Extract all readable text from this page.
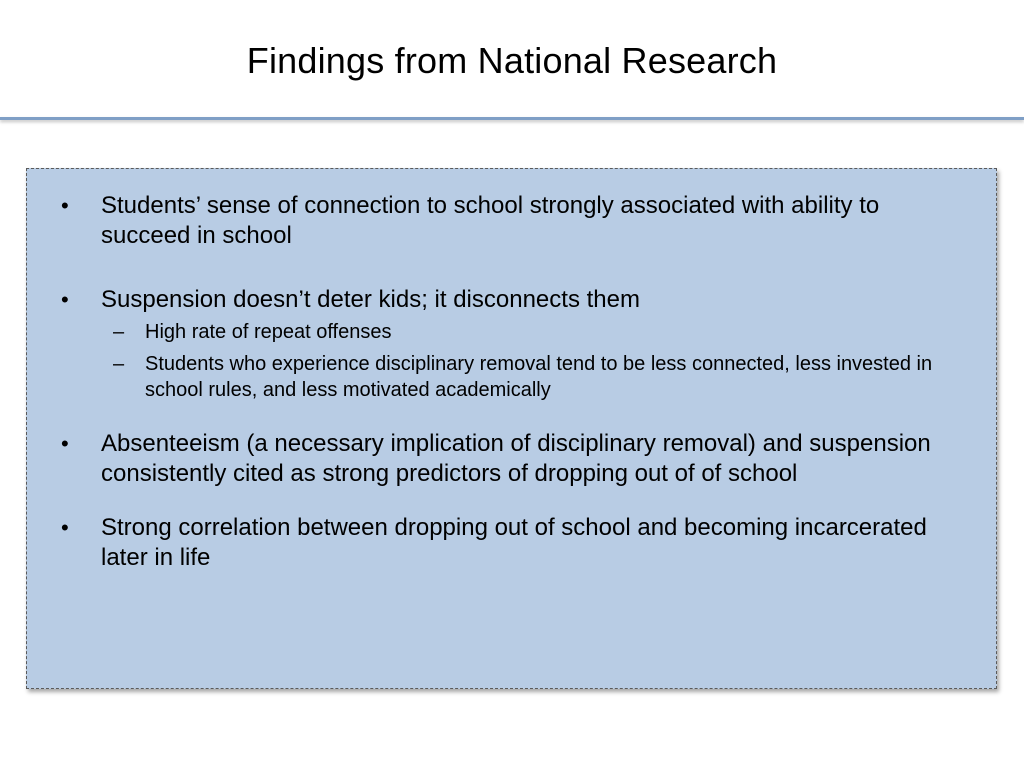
Findings from National Research
• Students’ sense of connection to school strongly associated with ability to succeed in school
• Suspension doesn’t deter kids; it disconnects them
– High rate of repeat offenses
– Students who experience disciplinary removal tend to be less connected, less invested in school rules, and less motivated academically
• Absenteeism (a necessary implication of disciplinary removal) and suspension consistently cited as strong predictors of dropping out of of school
• Strong correlation between dropping out of school and becoming incarcerated later in life
